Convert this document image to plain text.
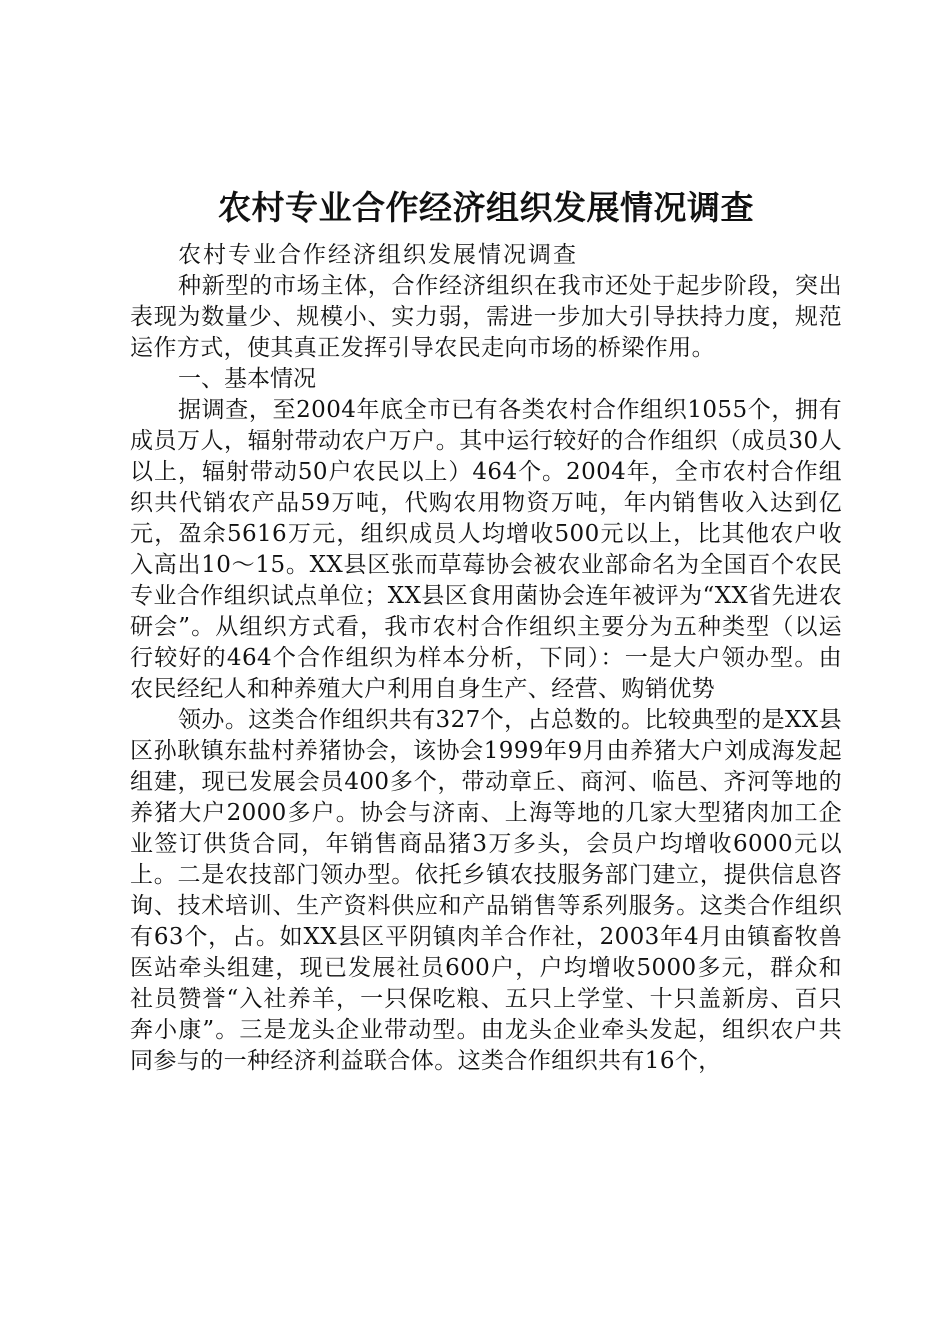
农村专业合作经济组织发展情况调查

农村专业合作经济组织发展情况调查

种新型的市场主体，合作经济组织在我市还处于起步阶段，突出表现为数量少、规模小、实力弱，需进一步加大引导扶持力度，规范运作方式，使其真正发挥引导农民走向市场的桥梁作用。

一、基本情况

据调查，至2004年底全市已有各类农村合作组织1055个，拥有成员万人，辐射带动农户万户。其中运行较好的合作组织（成员30人以上，辐射带动50户农民以上）464个。2004年，全市农村合作组织共代销农产品59万吨，代购农用物资万吨，年内销售收入达到亿元，盈余5616万元，组织成员人均增收500元以上，比其他农户收入高出10～15。XX县区张而草莓协会被农业部命名为全国百个农民专业合作组织试点单位；XX县区食用菌协会连年被评为“XX省先进农研会”。从组织方式看，我市农村合作组织主要分为五种类型（以运行较好的464个合作组织为样本分析，下同）：一是大户领办型。由农民经纪人和种养殖大户利用自身生产、经营、购销优势

领办。这类合作组织共有327个，占总数的。比较典型的是XX县区孙耿镇东盐村养猪协会，该协会1999年9月由养猪大户刘成海发起组建，现已发展会员400多个，带动章丘、商河、临邑、齐河等地的养猪大户2000多户。协会与济南、上海等地的几家大型猪肉加工企业签订供货合同，年销售商品猪3万多头，会员户均增收6000元以上。二是农技部门领办型。依托乡镇农技服务部门建立，提供信息咨询、技术培训、生产资料供应和产品销售等系列服务。这类合作组织有63个，占。如XX县区平阴镇肉羊合作社，2003年4月由镇畜牧兽医站牵头组建，现已发展社员600户，户均增收5000多元，群众和社员赞誉“入社养羊，一只保吃粮、五只上学堂、十只盖新房、百只奔小康”。三是龙头企业带动型。由龙头企业牵头发起，组织农户共同参与的一种经济利益联合体。这类合作组织共有16个，
